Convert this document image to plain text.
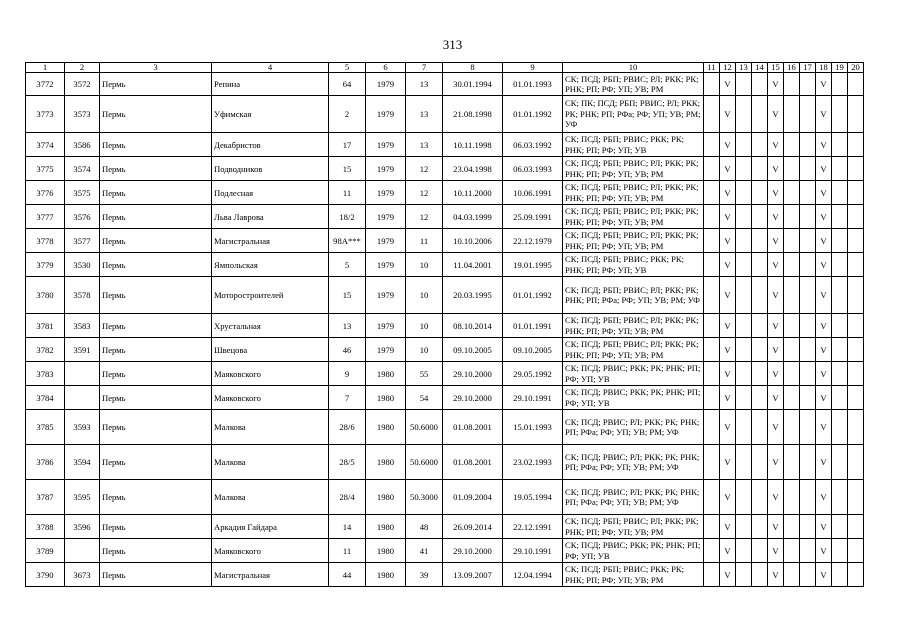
313
1	2	3	4	5	6	7	8	9	10	11	12	13	14	15	16	17	18	19	20
3772	3572	Пермь	Репина	64	1979	13	30.01.1994	01.01.1993	СК; ПСД; РБП; РВИС; РЛ; РКК; РК; РНК; РП; РФ; УП; УВ; РМ		V			V			V		
3773	3573	Пермь	Уфимская	2	1979	13	21.08.1998	01.01.1992	СК; ПК; ПСД; РБП; РВИС; РЛ; РКК; РК; РНК; РП; РФа; РФ; УП; УВ; РМ; УФ		V			V			V		
3774	3586	Пермь	Декабристов	17	1979	13	10.11.1998	06.03.1992	СК; ПСД; РБП; РВИС; РКК; РК; РНК; РП; РФ; УП; УВ		V			V			V		
3775	3574	Пермь	Подводников	15	1979	12	23.04.1998	06.03.1993	СК; ПСД; РБП; РВИС; РЛ; РКК; РК; РНК; РП; РФ; УП; УВ; РМ		V			V			V		
3776	3575	Пермь	Подлесная	11	1979	12	10.11.2000	10.06.1991	СК; ПСД; РБП; РВИС; РЛ; РКК; РК; РНК; РП; РФ; УП; УВ; РМ		V			V			V		
3777	3576	Пермь	Льва Лаврова	18/2	1979	12	04.03.1999	25.09.1991	СК; ПСД; РБП; РВИС; РЛ; РКК; РК; РНК; РП; РФ; УП; УВ; РМ		V			V			V		
3778	3577	Пермь	Магистральная	98А***	1979	11	10.10.2006	22.12.1979	СК; ПСД; РБП; РВИС; РЛ; РКК; РК; РНК; РП; РФ; УП; УВ; РМ		V			V			V		
3779	3530	Пермь	Ямпольская	5	1979	10	11.04.2001	19.01.1995	СК; ПСД; РБП; РВИС; РКК; РК; РНК; РП; РФ; УП; УВ		V			V			V		
3780	3578	Пермь	Моторостроителей	15	1979	10	20.03.1995	01.01.1992	СК; ПСД; РБП; РВИС; РЛ; РКК; РК; РНК; РП; РФа; РФ; УП; УВ; РМ; УФ		V			V			V		
3781	3583	Пермь	Хрустальная	13	1979	10	08.10.2014	01.01.1991	СК; ПСД; РБП; РВИС; РЛ; РКК; РК; РНК; РП; РФ; УП; УВ; РМ		V			V			V		
3782	3591	Пермь	Швецова	46	1979	10	09.10.2005	09.10.2005	СК; ПСД; РБП; РВИС; РЛ; РКК; РК; РНК; РП; РФ; УП; УВ; РМ		V			V			V		
3783		Пермь	Маяковского	9	1980	55	29.10.2000	29.05.1992	СК; ПСД; РВИС; РКК; РК; РНК; РП; РФ; УП; УВ		V			V			V		
3784		Пермь	Маяковского	7	1980	54	29.10.2000	29.10.1991	СК; ПСД; РВИС; РКК; РК; РНК; РП; РФ; УП; УВ		V			V			V		
3785	3593	Пермь	Малкова	28/6	1980	50.6000	01.08.2001	15.01.1993	СК; ПСД; РВИС; РЛ; РКК; РК; РНК; РП; РФа; РФ; УП; УВ; РМ; УФ		V			V			V		
3786	3594	Пермь	Малкова	28/5	1980	50.6000	01.08.2001	23.02.1993	СК; ПСД; РВИС; РЛ; РКК; РК; РНК; РП; РФа; РФ; УП; УВ; РМ; УФ		V			V			V		
3787	3595	Пермь	Малкова	28/4	1980	50.3000	01.09.2004	19.05.1994	СК; ПСД; РВИС; РЛ; РКК; РК; РНК; РП; РФа; РФ; УП; УВ; РМ; УФ		V			V			V		
3788	3596	Пермь	Аркадия Гайдара	14	1980	48	26.09.2014	22.12.1991	СК; ПСД; РБП; РВИС; РЛ; РКК; РК; РНК; РП; РФ; УП; УВ; РМ		V			V			V		
3789		Пермь	Маяковского	11	1980	41	29.10.2000	29.10.1991	СК; ПСД; РВИС; РКК; РК; РНК; РП; РФ; УП; УВ		V			V			V		
3790	3673	Пермь	Магистральная	44	1980	39	13.09.2007	12.04.1994	СК; ПСД; РБП; РВИС; РКК; РК; РНК; РП; РФ; УП; УВ; РМ		V			V			V		
